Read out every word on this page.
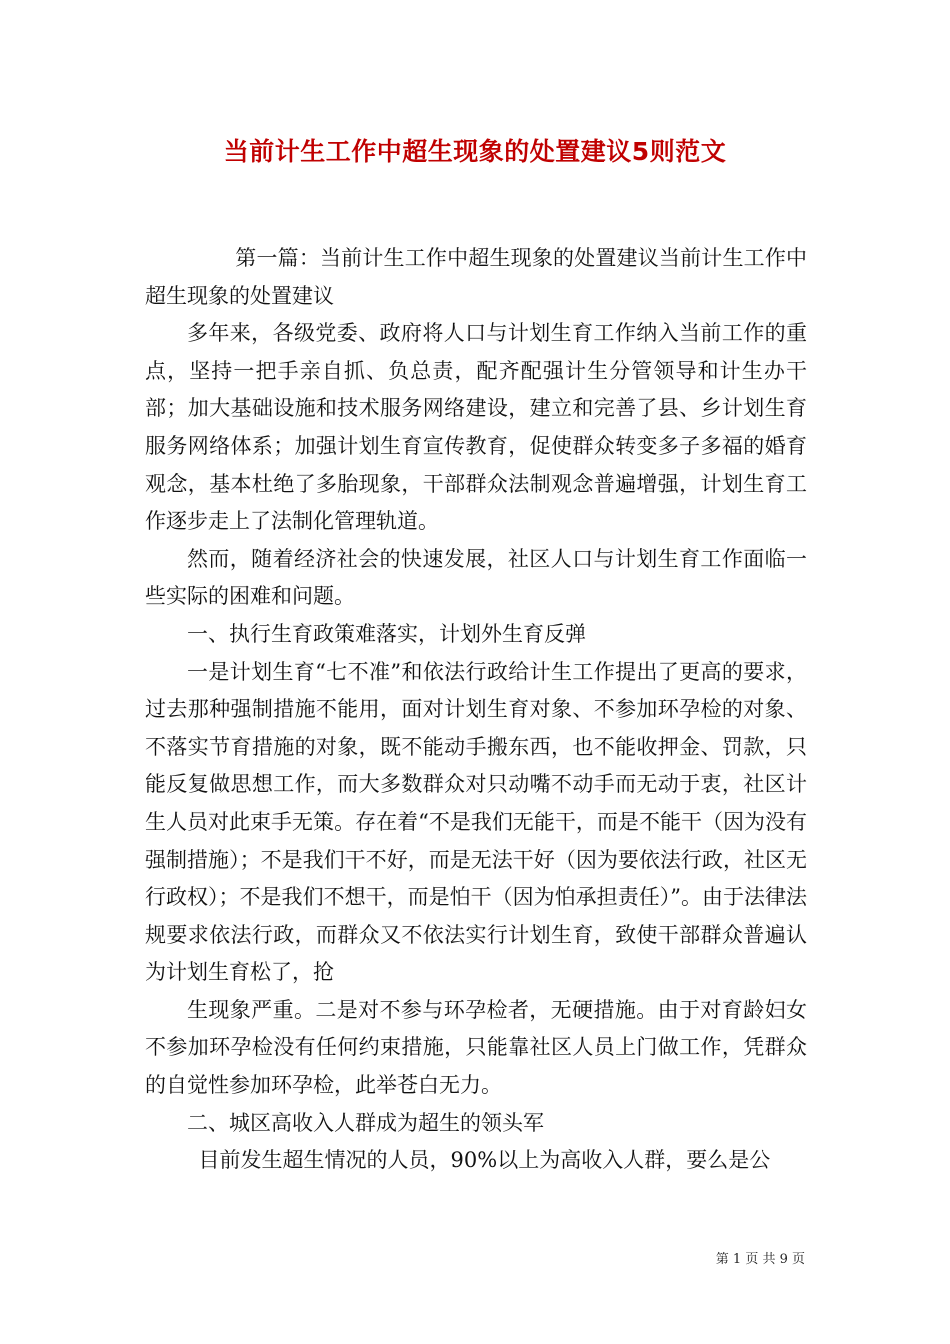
当前计生工作中超生现象的处置建议5则范文

第一篇：当前计生工作中超生现象的处置建议当前计生工作中超生现象的处置建议

多年来，各级党委、政府将人口与计划生育工作纳入当前工作的重点，坚持一把手亲自抓、负总责，配齐配强计生分管领导和计生办干部；加大基础设施和技术服务网络建设，建立和完善了县、乡计划生育服务网络体系；加强计划生育宣传教育，促使群众转变多子多福的婚育观念，基本杜绝了多胎现象，干部群众法制观念普遍增强，计划生育工作逐步走上了法制化管理轨道。

然而，随着经济社会的快速发展，社区人口与计划生育工作面临一些实际的困难和问题。

一、执行生育政策难落实，计划外生育反弹

一是计划生育“七不准”和依法行政给计生工作提出了更高的要求，过去那种强制措施不能用，面对计划生育对象、不参加环孕检的对象、不落实节育措施的对象，既不能动手搬东西，也不能收押金、罚款，只能反复做思想工作，而大多数群众对只动嘴不动手而无动于衷，社区计生人员对此束手无策。存在着“不是我们无能干，而是不能干（因为没有强制措施）；不是我们干不好，而是无法干好（因为要依法行政，社区无行政权）；不是我们不想干，而是怕干（因为怕承担责任）”。由于法律法规要求依法行政，而群众又不依法实行计划生育，致使干部群众普遍认为计划生育松了，抢

生现象严重。二是对不参与环孕检者，无硬措施。由于对育龄妇女不参加环孕检没有任何约束措施，只能靠社区人员上门做工作，凭群众的自觉性参加环孕检，此举苍白无力。

二、城区高收入人群成为超生的领头军

目前发生超生情况的人员，90%以上为高收入人群，要么是公

第 1 页 共 9 页
